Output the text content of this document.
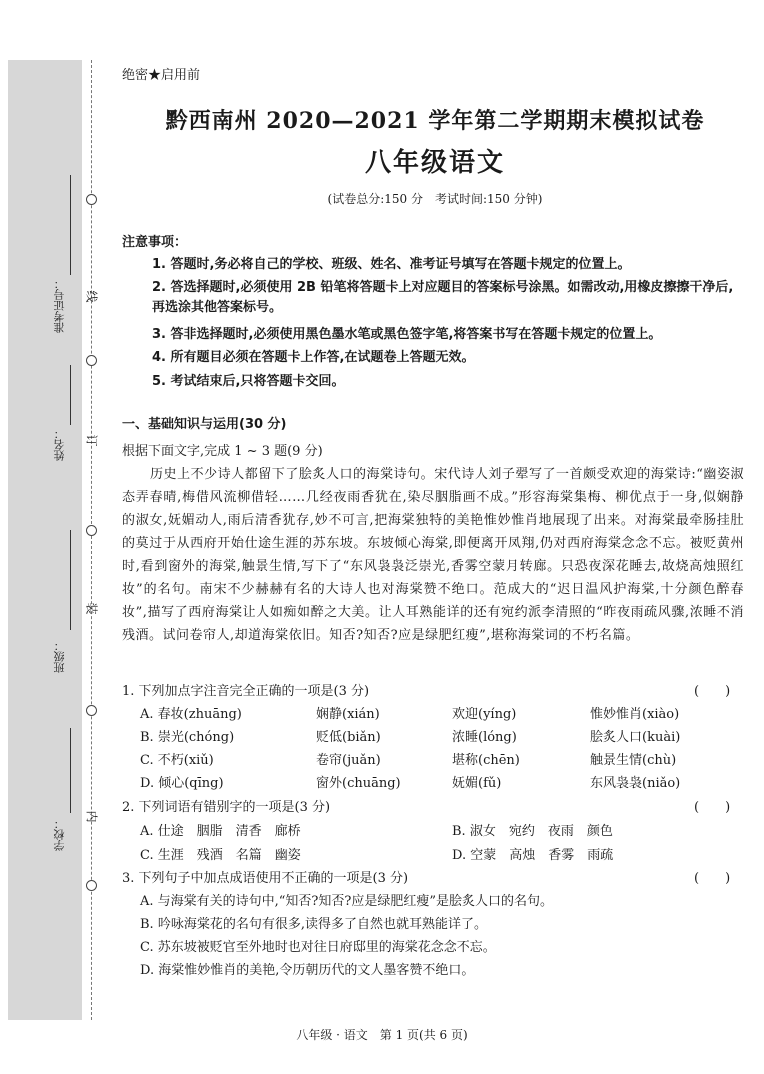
线
订
装
内
准考证号：
姓名：
班级：
学校：
绝密★启用前
黔西南州 2020—2021 学年第二学期期末模拟试卷
八年级语文
(试卷总分:150 分　考试时间:150 分钟)
注意事项：
1. 答题时,务必将自己的学校、班级、姓名、准考证号填写在答题卡规定的位置上。
2. 答选择题时,必须使用 2B 铅笔将答题卡上对应题目的答案标号涂黑。如需改动,用橡皮擦擦干净后,再选涂其他答案标号。
3. 答非选择题时,必须使用黑色墨水笔或黑色签字笔,将答案书写在答题卡规定的位置上。
4. 所有题目必须在答题卡上作答,在试题卷上答题无效。
5. 考试结束后,只将答题卡交回。
一、基础知识与运用(30 分)
根据下面文字,完成 1 ~ 3 题(9 分)
历史上不少诗人都留下了脍炙人口的海棠诗句。宋代诗人刘子翚写了一首颇受欢迎的海棠诗:“幽姿淑态弄春晴,梅借风流柳借轻……几经夜雨香犹在,染尽胭脂画不成。”形容海棠集梅、柳优点于一身,似娴静的淑女,妩媚动人,雨后清香犹存,妙不可言,把海棠独特的美艳惟妙惟肖地展现了出来。对海棠最牵肠挂肚的莫过于从西府开始仕途生涯的苏东坡。东坡倾心海棠,即便离开凤翔,仍对西府海棠念念不忘。被贬黄州时,看到窗外的海棠,触景生情,写下了“东风袅袅泛崇光,香雾空蒙月转廊。只恐夜深花睡去,故烧高烛照红妆”的名句。南宋不少赫赫有名的大诗人也对海棠赞不绝口。范成大的“迟日温风护海棠,十分颜色醉春妆”,描写了西府海棠让人如痴如醉之大美。让人耳熟能详的还有宛约派李清照的“昨夜雨疏风骤,浓睡不消残酒。试问卷帘人,却道海棠依旧。知否?知否?应是绿肥红瘦”,堪称海棠词的不朽名篇。
1. 下列加点字注音完全正确的一项是(3 分)	(　　)
A. 春妆(zhuāng)	娴静(xián)	欢迎(yíng)	惟妙惟肖(xiào)
B. 崇光(chóng)	贬低(biǎn)	浓睡(lóng)	脍炙人口(kuài)
C. 不朽(xiǔ)	卷帘(juǎn)	堪称(chēn)	触景生情(chù)
D. 倾心(qīng)	窗外(chuāng)	妩媚(fǔ)	东风袅袅(niǎo)
2. 下列词语有错别字的一项是(3 分)	(　　)
A. 仕途　胭脂　清香　廊桥	B. 淑女　宛约　夜雨　颜色
C. 生涯　残酒　名篇　幽姿	D. 空蒙　高烛　香雾　雨疏
3. 下列句子中加点成语使用不正确的一项是(3 分)	(　　)
A. 与海棠有关的诗句中,“知否?知否?应是绿肥红瘦”是脍炙人口的名句。
B. 吟咏海棠花的名句有很多,读得多了自然也就耳熟能详了。
C. 苏东坡被贬官至外地时也对往日府邸里的海棠花念念不忘。
D. 海棠惟妙惟肖的美艳,令历朝历代的文人墨客赞不绝口。
八年级 · 语文　第 1 页(共 6 页)
